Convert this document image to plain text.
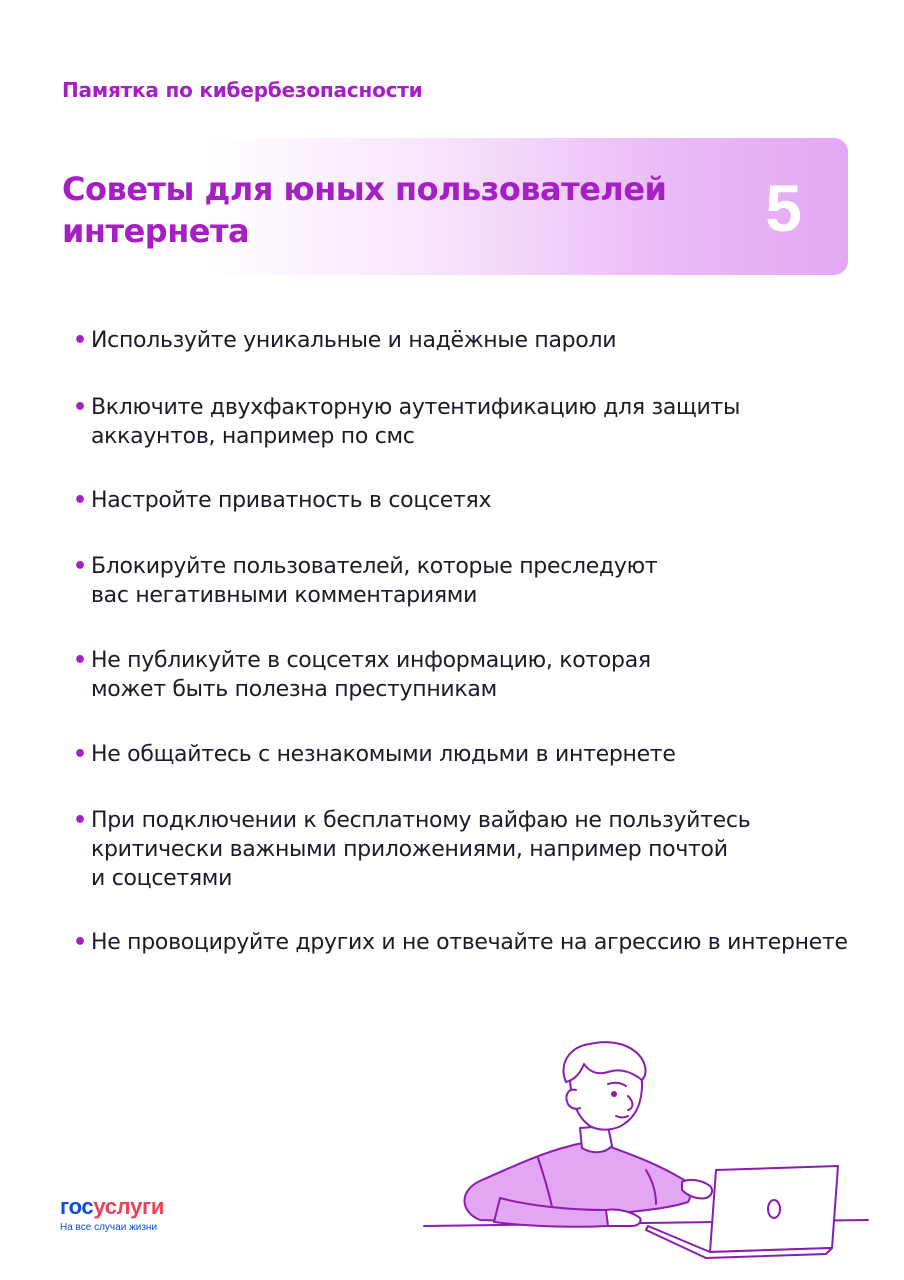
Памятка по кибербезопасности
Советы для юных пользователей
интернета	5
• Используйте уникальные и надёжные пароли
• Включите двухфакторную аутентификацию для защиты
аккаунтов, например по смс
• Настройте приватность в соцсетях
• Блокируйте пользователей, которые преследуют
вас негативными комментариями
• Не публикуйте в соцсетях информацию, которая
может быть полезна преступникам
• Не общайтесь с незнакомыми людьми в интернете
• При подключении к бесплатному вайфаю не пользуйтесь
критически важными приложениями, например почтой
и соцсетями
• Не провоцируйте других и не отвечайте на агрессию в интернете
госуслуги
На все случаи жизни
